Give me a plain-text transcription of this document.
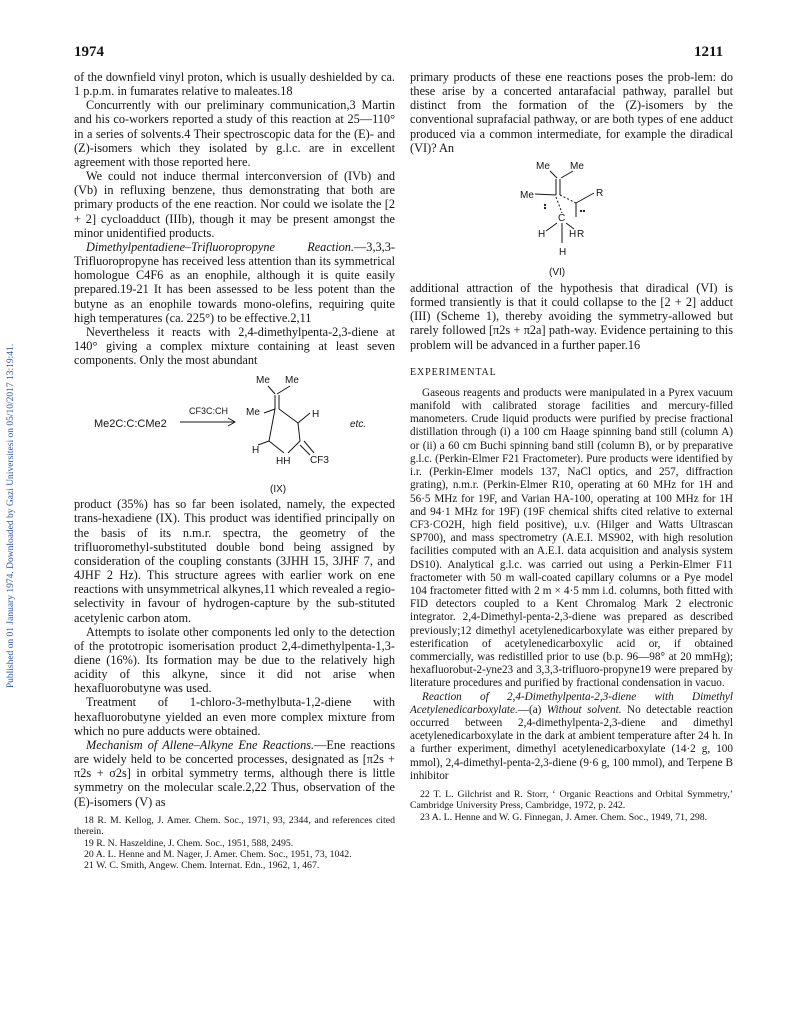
Published on 01 January 1974. Downloaded by Gazi Universitesi on 05/10/2017 13:19:41.
1974	1211

of the downfield vinyl proton, which is usually deshielded by ca. 1 p.p.m. in fumarates relative to maleates.18

Concurrently with our preliminary communication,3 Martin and his co-workers reported a study of this reaction at 25—110° in a series of solvents.4 Their spectroscopic data for the (E)- and (Z)-isomers which they isolated by g.l.c. are in excellent agreement with those reported here.

We could not induce thermal interconversion of (IVb) and (Vb) in refluxing benzene, thus demonstrating that both are primary products of the ene reaction. Nor could we isolate the [2 + 2] cycloadduct (IIIb), though it may be present amongst the minor unidentified products.

Dimethylpentadiene–Trifluoropropyne Reaction.—3,3,3-Trifluoropropyne has received less attention than its symmetrical homologue C4F6 as an enophile, although it is quite easily prepared.19-21 It has been assessed to be less potent than the butyne as an enophile towards mono-olefins, requiring quite high temperatures (ca. 225°) to be effective.2,11

Nevertheless it reacts with 2,4-dimethylpenta-2,3-diene at 140° giving a complex mixture containing at least seven components. Only the most abundant

Me2C:C:CMe2
CF3C:CH
Me Me
Me	H
H
HH CF3
etc.
(IX)

product (35%) has so far been isolated, namely, the expected trans-hexadiene (IX). This product was identified principally on the basis of its n.m.r. spectra, the geometry of the trifluoromethyl-substituted double bond being assigned by consideration of the coupling constants (3JHH 15, 3JHF 7, and 4JHF 2 Hz). This structure agrees with earlier work on ene reactions with unsymmetrical alkynes,11 which revealed a regio-selectivity in favour of hydrogen-capture by the sub-stituted acetylenic carbon atom.

Attempts to isolate other components led only to the detection of the prototropic isomerisation product 2,4-dimethylpenta-1,3-diene (16%). Its formation may be due to the relatively high acidity of this alkyne, since it did not arise when hexafluorobutyne was used.

Treatment of 1-chloro-3-methylbuta-1,2-diene with hexafluorobutyne yielded an even more complex mixture from which no pure adducts were obtained.

Mechanism of Allene–Alkyne Ene Reactions.—Ene reactions are widely held to be concerted processes, designated as [π2s + π2s + σ2s] in orbital symmetry terms, although there is little symmetry on the molecular scale.2,22 Thus, observation of the (E)-isomers (V) as

18 R. M. Kellog, J. Amer. Chem. Soc., 1971, 93, 2344, and references cited therein.

19 R. N. Haszeldine, J. Chem. Soc., 1951, 588, 2495.

20 A. L. Henne and M. Nager, J. Amer. Chem. Soc., 1951, 73, 1042.

21 W. C. Smith, Angew. Chem. Internat. Edn., 1962, 1, 467.

primary products of these ene reactions poses the prob-lem: do these arise by a concerted antarafacial pathway, parallel but distinct from the formation of the (Z)-isomers by the conventional suprafacial pathway, or are both types of ene adduct produced via a common intermediate, for example the diradical (VI)? An

Me Me
Me	R
C
H H R
H
(VI)

additional attraction of the hypothesis that diradical (VI) is formed transiently is that it could collapse to the [2 + 2] adduct (III) (Scheme 1), thereby avoiding the symmetry-allowed but rarely followed [π2s + π2a] path-way. Evidence pertaining to this problem will be advanced in a further paper.16

EXPERIMENTAL

Gaseous reagents and products were manipulated in a Pyrex vacuum manifold with calibrated storage facilities and mercury-filled manometers. Crude liquid products were purified by precise fractional distillation through (i) a 100 cm Haage spinning band still (column A) or (ii) a 60 cm Buchi spinning band still (column B), or by preparative g.l.c. (Perkin-Elmer F21 Fractometer). Pure products were identified by i.r. (Perkin-Elmer models 137, NaCl optics, and 257, diffraction grating), n.m.r. (Perkin-Elmer R10, operating at 60 MHz for 1H and 56·5 MHz for 19F, and Varian HA-100, operating at 100 MHz for 1H and 94·1 MHz for 19F) (19F chemical shifts cited relative to external CF3·CO2H, high field positive), u.v. (Hilger and Watts Ultrascan SP700), and mass spectrometry (A.E.I. MS902, with high resolution facilities computed with an A.E.I. data acquisition and analysis system DS10). Analytical g.l.c. was carried out using a Perkin-Elmer F11 fractometer with 50 m wall-coated capillary columns or a Pye model 104 fractometer fitted with 2 m × 4·5 mm i.d. columns, both fitted with FID detectors coupled to a Kent Chromalog Mark 2 electronic integrator. 2,4-Dimethyl-penta-2,3-diene was prepared as described previously;12 dimethyl acetylenedicarboxylate was either prepared by esterification of acetylenedicarboxylic acid or, if obtained commercially, was redistilled prior to use (b.p. 96—98° at 20 mmHg); hexafluorobut-2-yne23 and 3,3,3-trifluoro-propyne19 were prepared by literature procedures and purified by fractional condensation in vacuo.

Reaction of 2,4-Dimethylpenta-2,3-diene with Dimethyl Acetylenedicarboxylate.—(a) Without solvent. No detectable reaction occurred between 2,4-dimethylpenta-2,3-diene and dimethyl acetylenedicarboxylate in the dark at ambient temperature after 24 h. In a further experiment, dimethyl acetylenedicarboxylate (14·2 g, 100 mmol), 2,4-dimethyl-penta-2,3-diene (9·6 g, 100 mmol), and Terpene B inhibitor

22 T. L. Gilchrist and R. Storr, ‘ Organic Reactions and Orbital Symmetry,’ Cambridge University Press, Cambridge, 1972, p. 242.

23 A. L. Henne and W. G. Finnegan, J. Amer. Chem. Soc., 1949, 71, 298.
